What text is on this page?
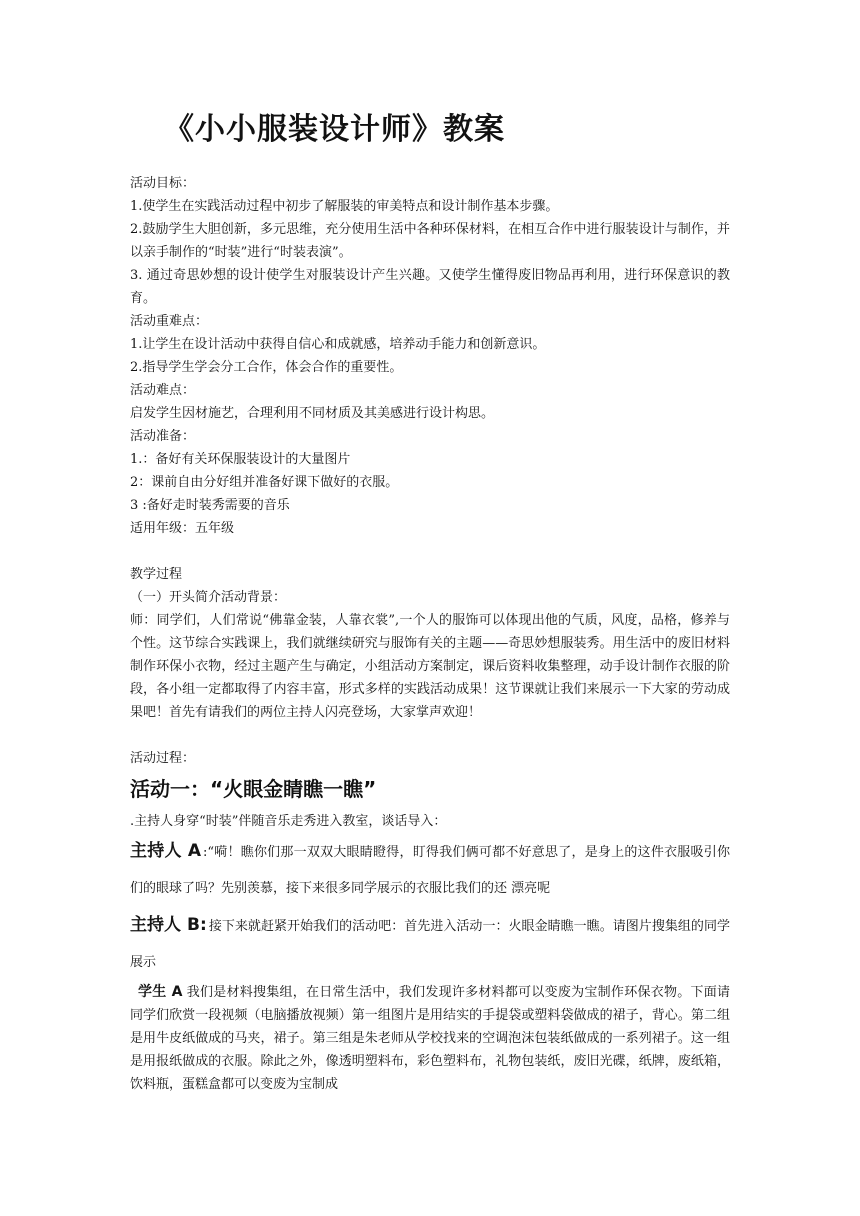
《小小服装设计师》教案

活动目标：

1.使学生在实践活动过程中初步了解服装的审美特点和设计制作基本步骤。

2.鼓励学生大胆创新，多元思维，充分使用生活中各种环保材料，在相互合作中进行服装设计与制作，并以亲手制作的“时装”进行“时装表演”。

3. 通过奇思妙想的设计使学生对服装设计产生兴趣。又使学生懂得废旧物品再利用，进行环保意识的教育。

活动重难点：

1.让学生在设计活动中获得自信心和成就感，培养动手能力和创新意识。

2.指导学生学会分工合作，体会合作的重要性。

活动难点：

启发学生因材施艺，合理利用不同材质及其美感进行设计构思。

活动准备：

1.：备好有关环保服装设计的大量图片

2：课前自由分好组并准备好课下做好的衣服。

3 :备好走时装秀需要的音乐

适用年级：五年级

教学过程

（一）开头简介活动背景：

师：同学们，人们常说“佛靠金装，人靠衣裳”,一个人的服饰可以体现出他的气质，风度，品格，修养与个性。这节综合实践课上，我们就继续研究与服饰有关的主题——奇思妙想服装秀。用生活中的废旧材料制作环保小衣物，经过主题产生与确定，小组活动方案制定，课后资料收集整理，动手设计制作衣服的阶段，各小组一定都取得了内容丰富，形式多样的实践活动成果！这节课就让我们来展示一下大家的劳动成果吧！首先有请我们的两位主持人闪亮登场，大家掌声欢迎！

活动过程：

活动一：“火眼金睛瞧一瞧”

.主持人身穿“时装”伴随音乐走秀进入教室，谈话导入：

主持人 A :“嗬！瞧你们那一双双大眼睛瞪得，盯得我们俩可都不好意思了，是身上的这件衣服吸引你们的眼球了吗？先别羡慕，接下来很多同学展示的衣服比我们的还 漂亮呢

主持人 B: 接下来就赶紧开始我们的活动吧：首先进入活动一：火眼金睛瞧一瞧。请图片搜集组的同学展示

学生 A 我们是材料搜集组，在日常生活中，我们发现许多材料都可以变废为宝制作环保衣物。下面请同学们欣赏一段视频（电脑播放视频）第一组图片是用结实的手提袋或塑料袋做成的裙子，背心。第二组是用牛皮纸做成的马夹，裙子。第三组是朱老师从学校找来的空调泡沫包装纸做成的一系列裙子。这一组是用报纸做成的衣服。除此之外，像透明塑料布，彩色塑料布，礼物包装纸，废旧光碟，纸牌，废纸箱，饮料瓶，蛋糕盒都可以变废为宝制成
